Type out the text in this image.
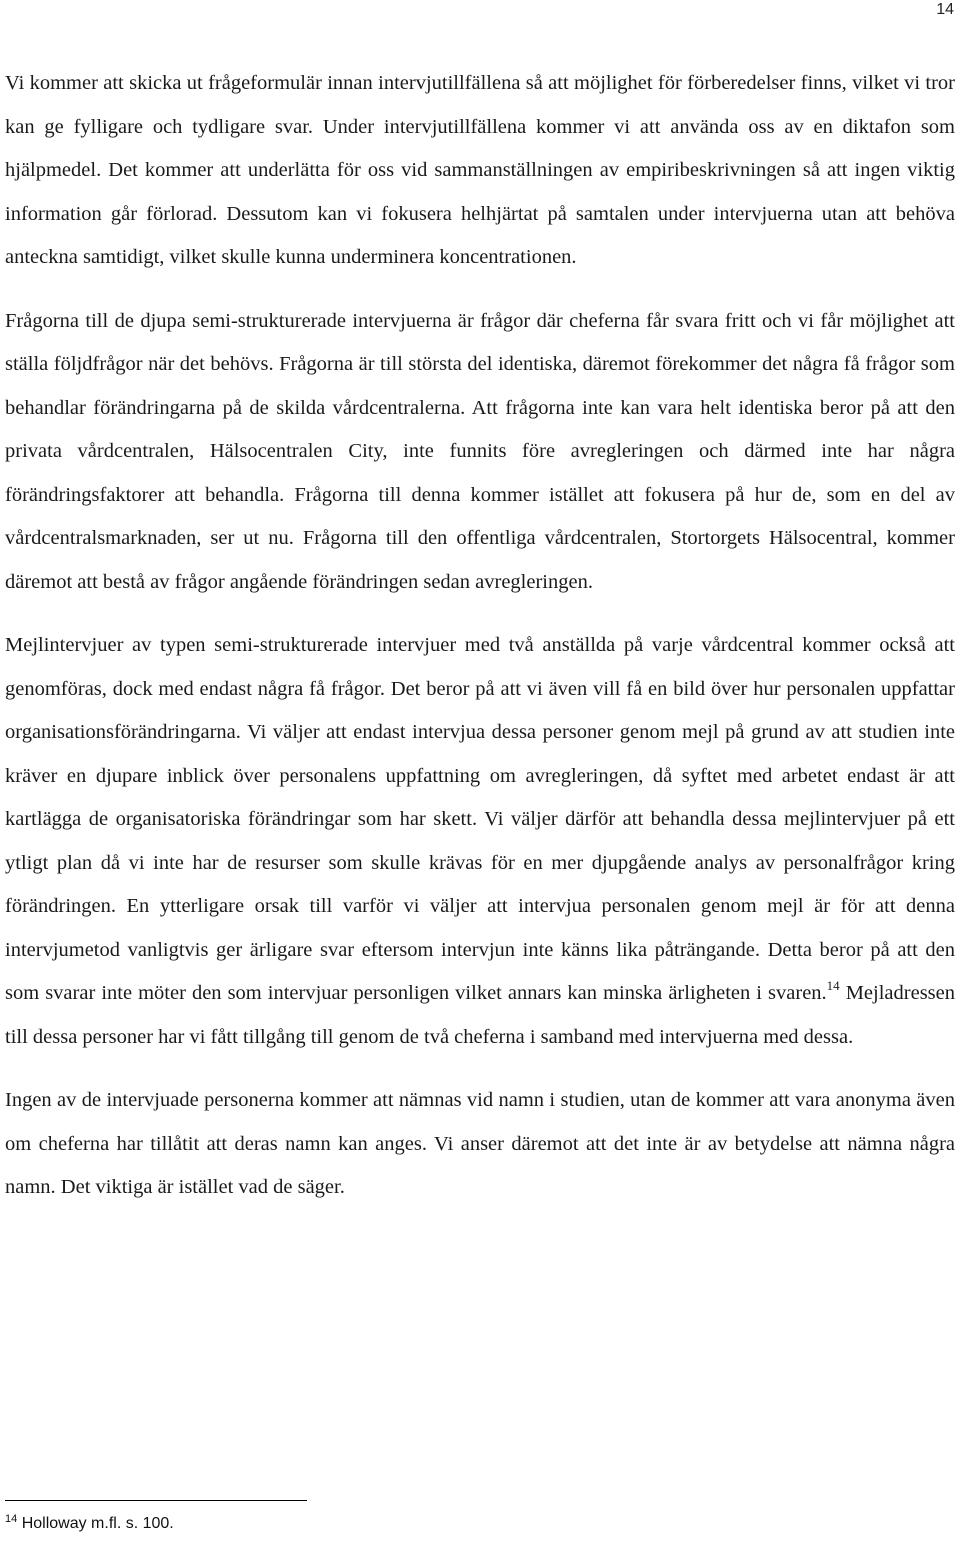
14

Vi kommer att skicka ut frågeformulär innan intervjutillfällena så att möjlighet för förberedelser finns, vilket vi tror kan ge fylligare och tydligare svar. Under intervjutillfällena kommer vi att använda oss av en diktafon som hjälpmedel. Det kommer att underlätta för oss vid sammanställningen av empiribeskrivningen så att ingen viktig information går förlorad. Dessutom kan vi fokusera helhjärtat på samtalen under intervjuerna utan att behöva anteckna samtidigt, vilket skulle kunna underminera koncentrationen.

Frågorna till de djupa semi-strukturerade intervjuerna är frågor där cheferna får svara fritt och vi får möjlighet att ställa följdfrågor när det behövs. Frågorna är till största del identiska, däremot förekommer det några få frågor som behandlar förändringarna på de skilda vårdcentralerna. Att frågorna inte kan vara helt identiska beror på att den privata vårdcentralen, Hälsocentralen City, inte funnits före avregleringen och därmed inte har några förändringsfaktorer att behandla. Frågorna till denna kommer istället att fokusera på hur de, som en del av vårdcentralsmarknaden, ser ut nu. Frågorna till den offentliga vårdcentralen, Stortorgets Hälsocentral, kommer däremot att bestå av frågor angående förändringen sedan avregleringen.

Mejlintervjuer av typen semi-strukturerade intervjuer med två anställda på varje vårdcentral kommer också att genomföras, dock med endast några få frågor. Det beror på att vi även vill få en bild över hur personalen uppfattar organisationsförändringarna. Vi väljer att endast intervjua dessa personer genom mejl på grund av att studien inte kräver en djupare inblick över personalens uppfattning om avregleringen, då syftet med arbetet endast är att kartlägga de organisatoriska förändringar som har skett. Vi väljer därför att behandla dessa mejlintervjuer på ett ytligt plan då vi inte har de resurser som skulle krävas för en mer djupgående analys av personalfrågor kring förändringen. En ytterligare orsak till varför vi väljer att intervjua personalen genom mejl är för att denna intervjumetod vanligtvis ger ärligare svar eftersom intervjun inte känns lika påträngande. Detta beror på att den som svarar inte möter den som intervjuar personligen vilket annars kan minska ärligheten i svaren.$^{14}$ Mejladressen till dessa personer har vi fått tillgång till genom de två cheferna i samband med intervjuerna med dessa.

Ingen av de intervjuade personerna kommer att nämnas vid namn i studien, utan de kommer att vara anonyma även om cheferna har tillåtit att deras namn kan anges. Vi anser däremot att det inte är av betydelse att nämna några namn. Det viktiga är istället vad de säger.

$^{14}$ Holloway m.fl. s. 100.
